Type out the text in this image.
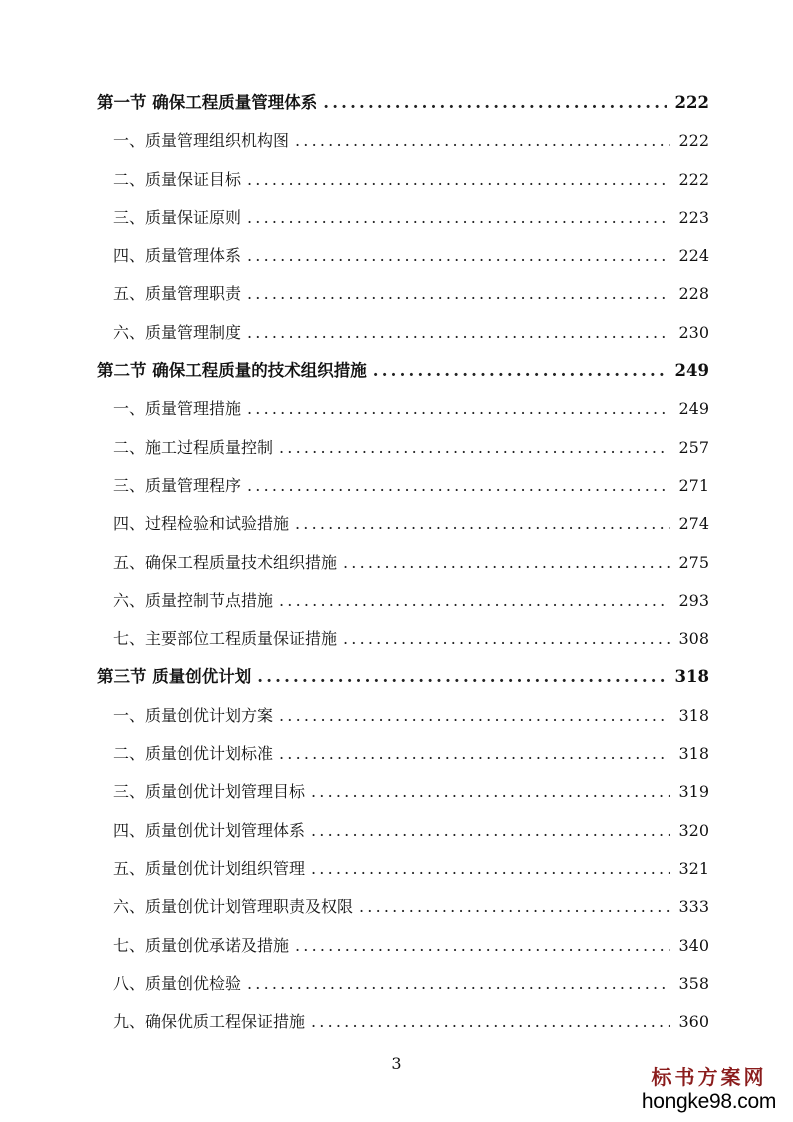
第一节 确保工程质量管理体系 .....	222
一、质量管理组织机构图 .....	222
二、质量保证目标 .....	222
三、质量保证原则 .....	223
四、质量管理体系 .....	224
五、质量管理职责 .....	228
六、质量管理制度 .....	230
第二节 确保工程质量的技术组织措施 .....	249
一、质量管理措施 .....	249
二、施工过程质量控制 .....	257
三、质量管理程序 .....	271
四、过程检验和试验措施 .....	274
五、确保工程质量技术组织措施 .....	275
六、质量控制节点措施 .....	293
七、主要部位工程质量保证措施 .....	308
第三节 质量创优计划 .....	318
一、质量创优计划方案 .....	318
二、质量创优计划标准 .....	318
三、质量创优计划管理目标 .....	319
四、质量创优计划管理体系 .....	320
五、质量创优计划组织管理 .....	321
六、质量创优计划管理职责及权限 .....	333
七、质量创优承诺及措施 .....	340
八、质量创优检验 .....	358
九、确保优质工程保证措施 .....	360
3
标书方案网
hongke98.com
